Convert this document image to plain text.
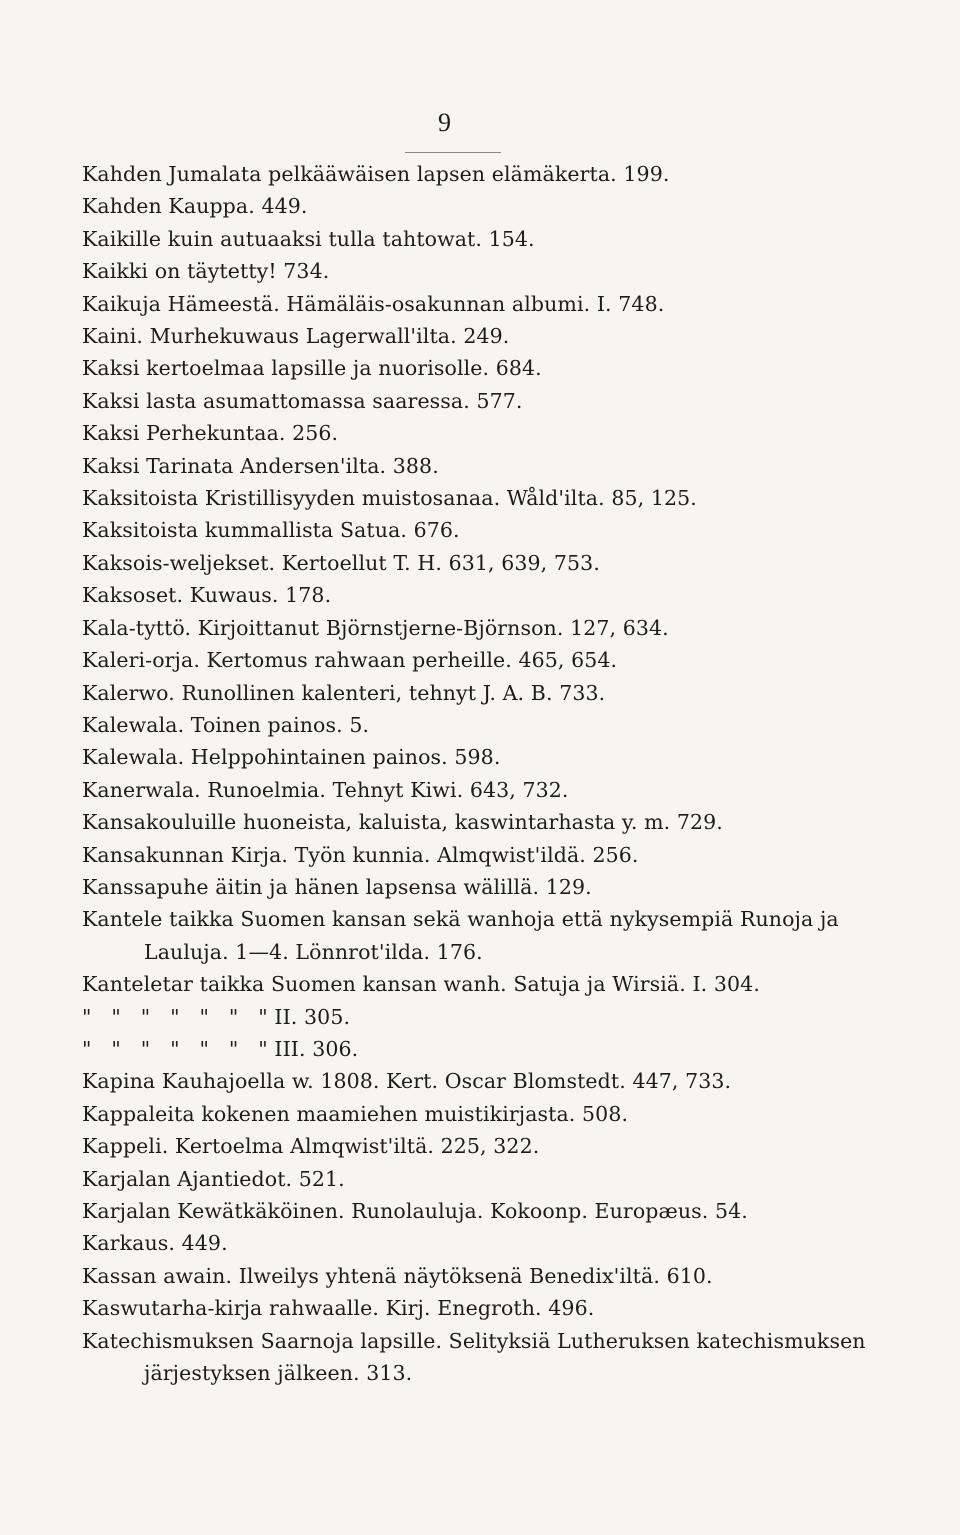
9
Kahden Jumalata pelkääwäisen lapsen elämäkerta. 199.
Kahden Kauppa. 449.
Kaikille kuin autuaaksi tulla tahtowat. 154.
Kaikki on täytetty! 734.
Kaikuja Hämeestä. Hämäläis-osakunnan albumi. I. 748.
Kaini. Murhekuwaus Lagerwall'ilta. 249.
Kaksi kertoelmaa lapsille ja nuorisolle. 684.
Kaksi lasta asumattomassa saaressa. 577.
Kaksi Perhekuntaa. 256.
Kaksi Tarinata Andersen'ilta. 388.
Kaksitoista Kristillisyyden muistosanaa. Wåld'ilta. 85, 125.
Kaksitoista kummallista Satua. 676.
Kaksois-weljekset. Kertoellut T. H. 631, 639, 753.
Kaksoset. Kuwaus. 178.
Kala-tyttö. Kirjoittanut Björnstjerne-Björnson. 127, 634.
Kaleri-orja. Kertomus rahwaan perheille. 465, 654.
Kalerwo. Runollinen kalenteri, tehnyt J. A. B. 733.
Kalewala. Toinen painos. 5.
Kalewala. Helppohintainen painos. 598.
Kanerwala. Runoelmia. Tehnyt Kiwi. 643, 732.
Kansakouluille huoneista, kaluista, kaswintarhasta y. m. 729.
Kansakunnan Kirja. Työn kunnia. Almqwist'ildä. 256.
Kanssapuhe äitin ja hänen lapsensa wälillä. 129.
Kantele taikka Suomen kansan sekä wanhoja että nykysempiä Runoja ja Lauluja. 1—4. Lönnrot'ilda. 176.
Kanteletar taikka Suomen kansan wanh. Satuja ja Wirsiä. I. 304.
"   "   "   "   "   "   " II. 305.
"   "   "   "   "   "   " III. 306.
Kapina Kauhajoella w. 1808. Kert. Oscar Blomstedt. 447, 733.
Kappaleita kokenen maamiehen muistikirjasta. 508.
Kappeli. Kertoelma Almqwist'iltä. 225, 322.
Karjalan Ajantiedot. 521.
Karjalan Kewätkäköinen. Runolauluja. Kokoonp. Europæus. 54.
Karkaus. 449.
Kassan awain. Ilweilys yhtenä näytöksenä Benedix'iltä. 610.
Kaswutarha-kirja rahwaalle. Kirj. Enegroth. 496.
Katechismuksen Saarnoja lapsille. Selityksiä Lutheruksen katechismuksen järjestyksen jälkeen. 313.
